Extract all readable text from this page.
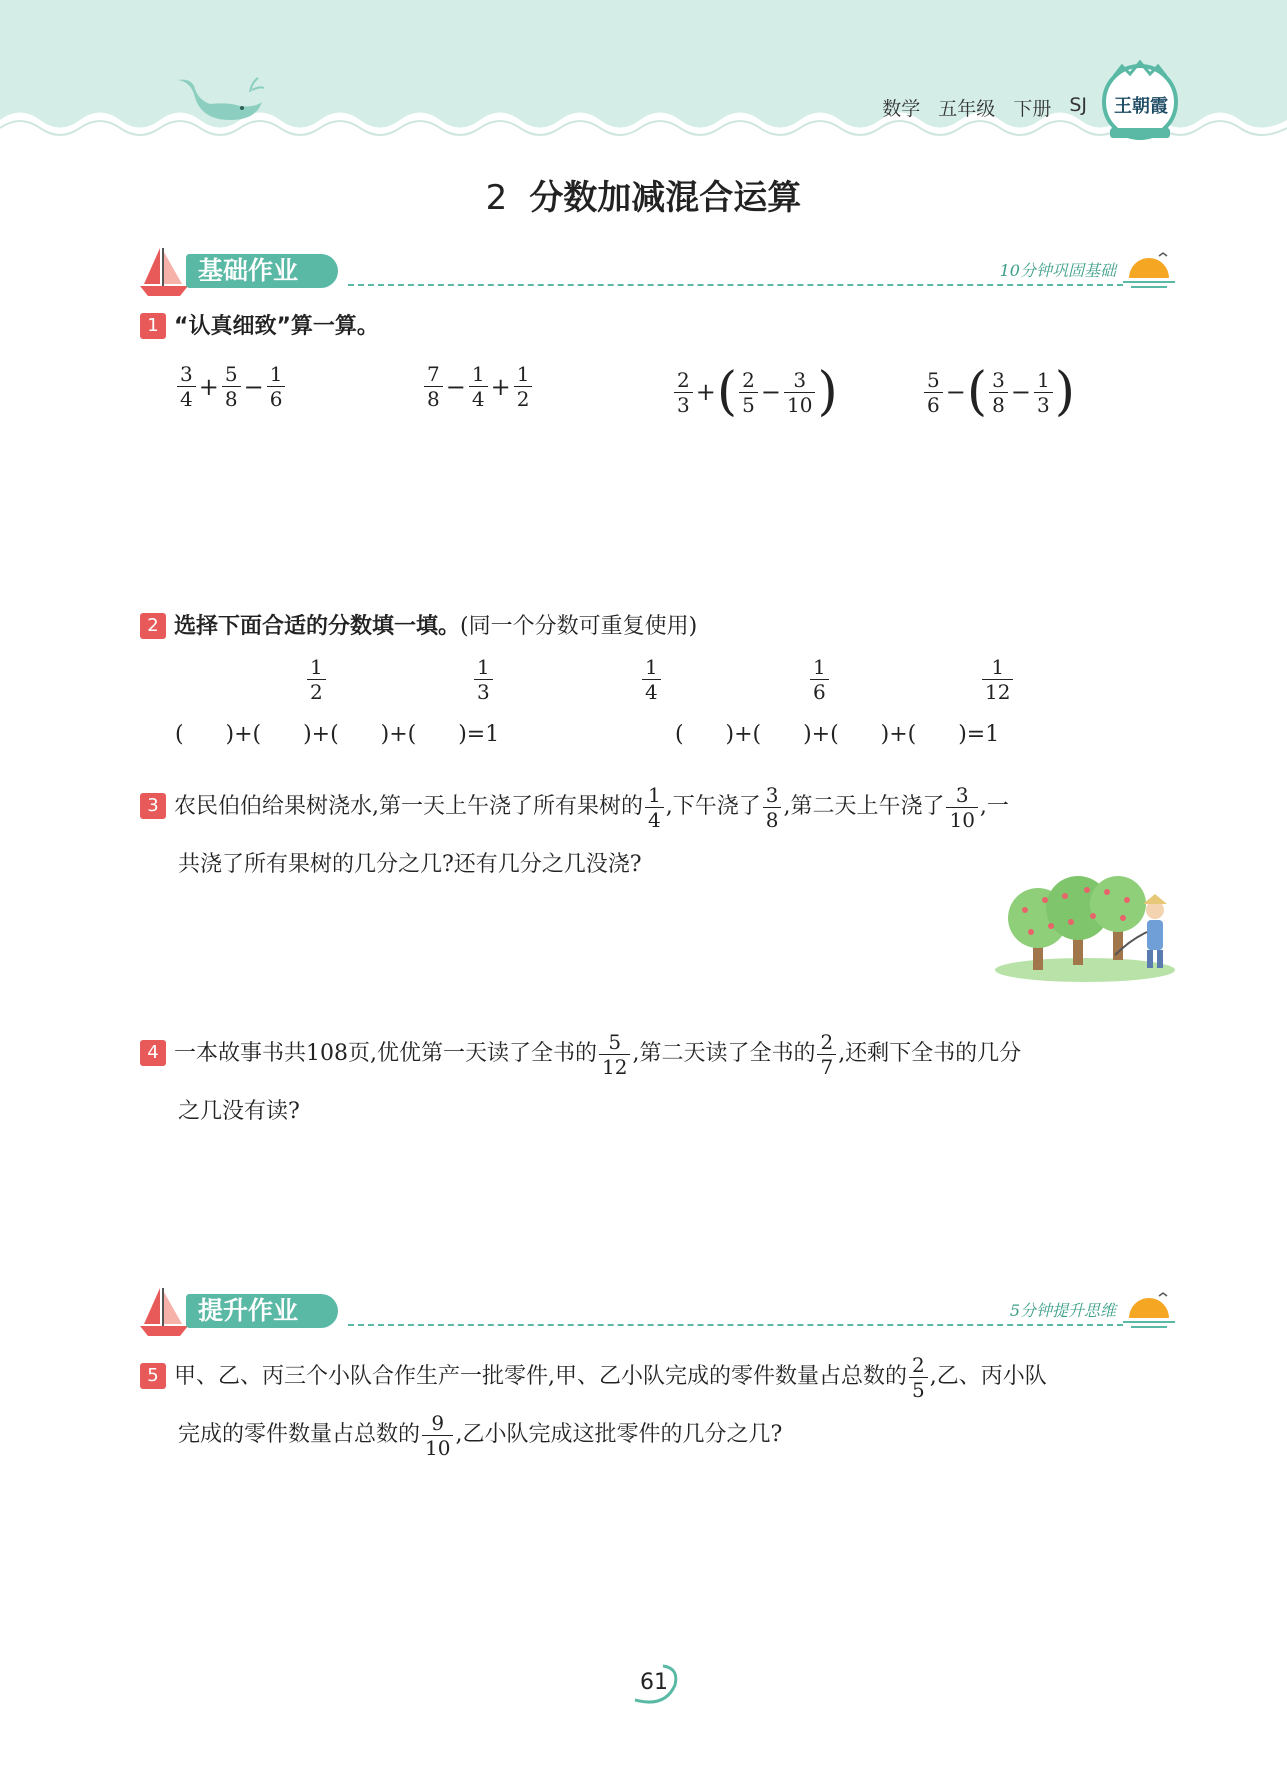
数学 五年级 下册 SJ	王朝霞
2 分数加减混合运算
基础作业	10分钟巩固基础
1 “认真细致”算一算。
$\frac{3}{4} + \frac{5}{8} - \frac{1}{6}$	$\frac{7}{8} - \frac{1}{4} + \frac{1}{2}$	$\frac{2}{3}$ + ( $\frac{2}{5} - \frac{3}{10}$ )	$\frac{5}{6}$ − ( $\frac{3}{8} - \frac{1}{3}$ )
2 选择下面合适的分数填一填。(同一个分数可重复使用)
$\frac{1}{2}$	$\frac{1}{3}$	$\frac{1}{4}$	$\frac{1}{6}$	$\frac{1}{12}$
(      )+(      )+(      )+(      )=1	(      )+(      )+(      )+(      )=1
3 农民伯伯给果树浇水,第一天上午浇了所有果树的 $\frac{1}{4}$ ,下午浇了 $\frac{3}{8}$ ,第二天上午浇了 $\frac{3}{10}$ ,一
共浇了所有果树的几分之几?还有几分之几没浇?
4 一本故事书共108页,优优第一天读了全书的 $\frac{5}{12}$ ,第二天读了全书的 $\frac{2}{7}$ ,还剩下全书的几分
之几没有读?
提升作业	5分钟提升思维
5 甲、乙、丙三个小队合作生产一批零件,甲、乙小队完成的零件数量占总数的 $\frac{2}{5}$ ,乙、丙小队
完成的零件数量占总数的 $\frac{9}{10}$ ,乙小队完成这批零件的几分之几?
61
